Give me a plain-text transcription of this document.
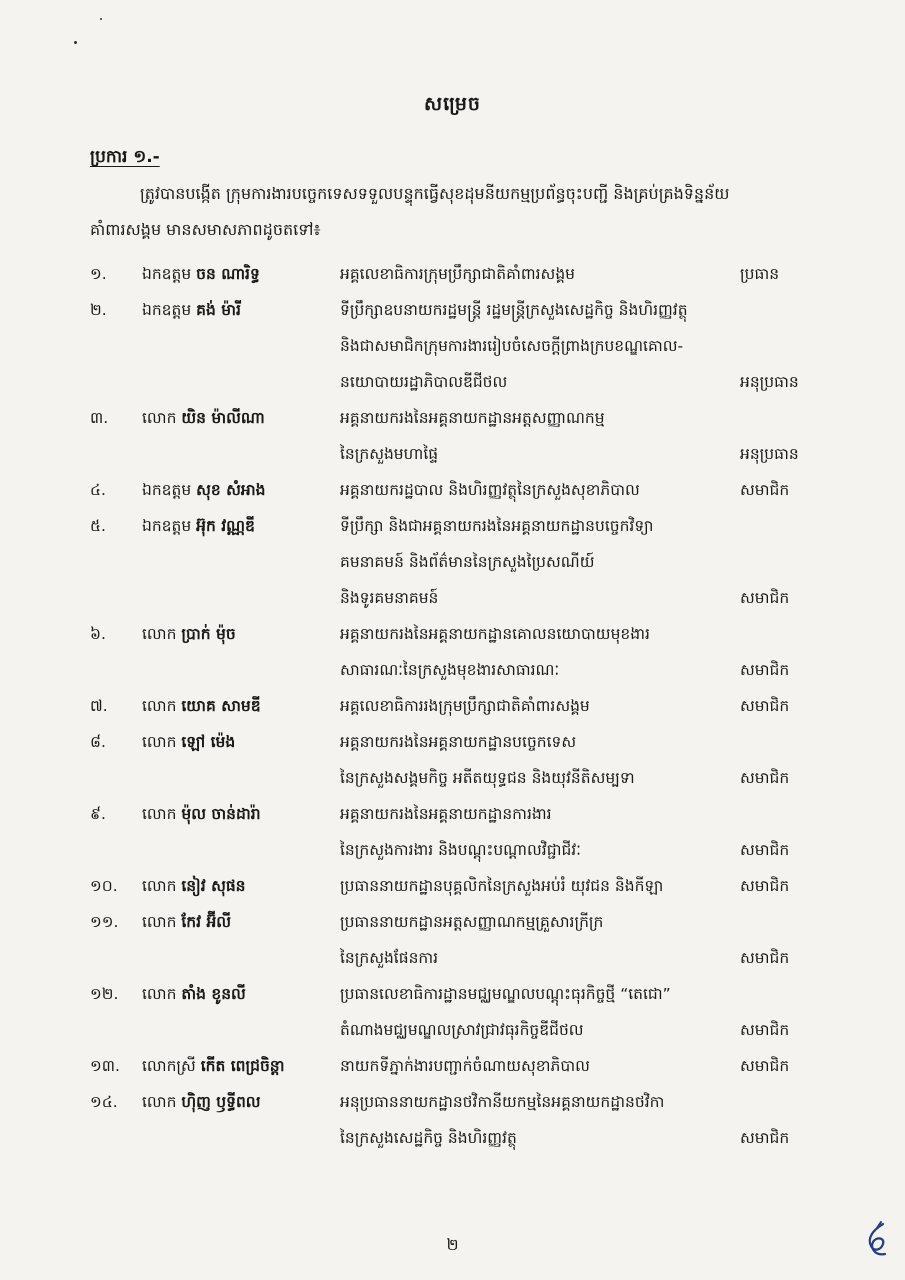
សម្រេច
ប្រការ ១.-
ត្រូវបានបង្កើត ក្រុមការងារបច្ចេកទេសទទួលបន្ទុកធ្វើសុខដុមនីយកម្មប្រព័ន្ធចុះបញ្ជី និងគ្រប់គ្រងទិន្នន័យ
គាំពារសង្គម មានសមាសភាពដូចតទៅ៖
១.	ឯកឧត្តម ចន ណារិទ្ធ	អគ្គលេខាធិការក្រុមប្រឹក្សាជាតិគាំពារសង្គម	ប្រធាន
២.	ឯកឧត្តម គង់ ម៉ារី	ទីប្រឹក្សាឧបនាយករដ្ឋមន្ត្រី រដ្ឋមន្ត្រីក្រសួងសេដ្ឋកិច្ច និងហិរញ្ញវត្ថុ
និងជាសមាជិកក្រុមការងាររៀបចំសេចក្តីព្រាងក្របខណ្ឌគោល-
នយោបាយរដ្ឋាភិបាលឌីជីថល	អនុប្រធាន
៣.	លោក យិន ម៉ាលីណា	អគ្គនាយករងនៃអគ្គនាយកដ្ឋានអត្តសញ្ញាណកម្ម
នៃក្រសួងមហាផ្ទៃ	អនុប្រធាន
៤.	ឯកឧត្តម សុខ សំអាង	អគ្គនាយករដ្ឋបាល និងហិរញ្ញវត្ថុនៃក្រសួងសុខាភិបាល	សមាជិក
៥.	ឯកឧត្តម អ៊ុក វណ្ណឌី	ទីប្រឹក្សា និងជាអគ្គនាយករងនៃអគ្គនាយកដ្ឋានបច្ចេកវិទ្យា
គមនាគមន៍ និងព័ត៌មាននៃក្រសួងប្រៃសណីយ៍
និងទូរគមនាគមន៍	សមាជិក
៦.	លោក ប្រាក់ ម៉ុច	អគ្គនាយករងនៃអគ្គនាយកដ្ឋានគោលនយោបាយមុខងារ
សាធារណៈនៃក្រសួងមុខងារសាធារណៈ	សមាជិក
៧.	លោក យោគ សាមឌី	អគ្គលេខាធិការរងក្រុមប្រឹក្សាជាតិគាំពារសង្គម	សមាជិក
៨.	លោក ឡៅ ម៉េង	អគ្គនាយករងនៃអគ្គនាយកដ្ឋានបច្ចេកទេស
នៃក្រសួងសង្គមកិច្ច អតីតយុទ្ធជន និងយុវនីតិសម្បទា	សមាជិក
៩.	លោក ម៉ុល ចាន់ដារ៉ា	អគ្គនាយករងនៃអគ្គនាយកដ្ឋានការងារ
នៃក្រសួងការងារ និងបណ្តុះបណ្តាលវិជ្ជាជីវៈ	សមាជិក
១០.	លោក នៀវ សុផន	ប្រធាននាយកដ្ឋានបុគ្គលិកនៃក្រសួងអប់រំ យុវជន និងកីឡា	សមាជិក
១១.	លោក កែវ អ៊ីលី	ប្រធាននាយកដ្ឋានអត្តសញ្ញាណកម្មគ្រួសារក្រីក្រ
នៃក្រសួងផែនការ	សមាជិក
១២.	លោក តាំង ខូនលី	ប្រធានលេខាធិការដ្ឋានមជ្ឈមណ្ឌលបណ្តុះធុរកិច្ចថ្មី “តេជោ”
តំណាងមជ្ឈមណ្ឌលស្រាវជ្រាវធុរកិច្ចឌីជីថល	សមាជិក
១៣.	លោកស្រី កើត ពេជ្រចិន្តា	នាយកទីភ្នាក់ងារបញ្ជាក់ចំណាយសុខាភិបាល	សមាជិក
១៤.	លោក ហ៊ិញ ឫទ្ធីពល	អនុប្រធាននាយកដ្ឋានថវិកានីយកម្មនៃអគ្គនាយកដ្ឋានថវិកា
នៃក្រសួងសេដ្ឋកិច្ច និងហិរញ្ញវត្ថុ	សមាជិក
២
